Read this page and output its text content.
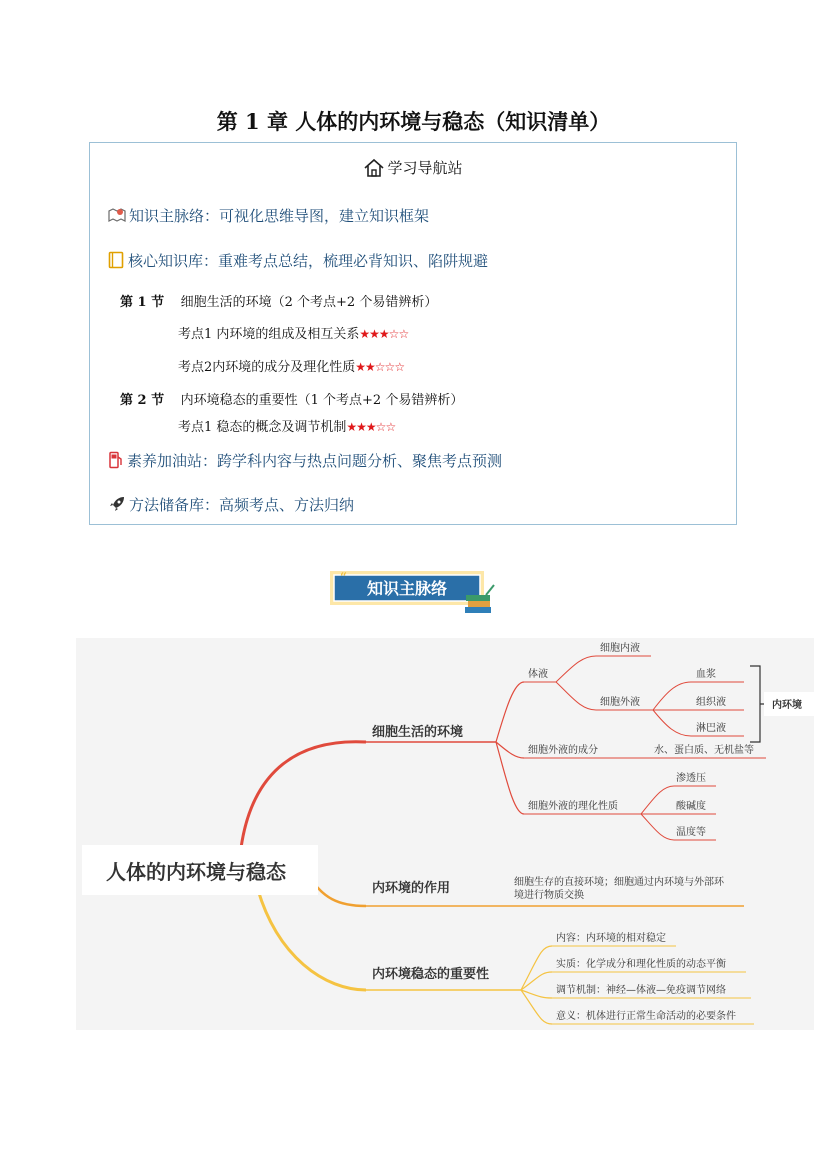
第 1 章 人体的内环境与稳态（知识清单）
学习导航站
知识主脉络：可视化思维导图，建立知识框架
核心知识库：重难考点总结，梳理必背知识、陷阱规避
第 1 节 细胞生活的环境（2 个考点+2 个易错辨析）
考点1 内环境的组成及相互关系★★★☆☆
考点2内环境的成分及理化性质★★☆☆☆
第 2 节 内环境稳态的重要性（1 个考点+2 个易错辨析）
考点1 稳态的概念及调节机制★★★☆☆
素养加油站：跨学科内容与热点问题分析、聚焦考点预测
方法储备库：高频考点、方法归纳
“
知识主脉络
人体的内环境与稳态
细胞生活的环境
体液
细胞内液
细胞外液
血浆
组织液
淋巴液
内环境
细胞外液的成分	水、蛋白质、无机盐等
细胞外液的理化性质
渗透压
酸碱度
温度等
内环境的作用	细胞生存的直接环境；细胞通过内环境与外部环
境进行物质交换
内环境稳态的重要性
内容：内环境的相对稳定
实质：化学成分和理化性质的动态平衡
调节机制：神经—体液—免疫调节网络
意义：机体进行正常生命活动的必要条件
